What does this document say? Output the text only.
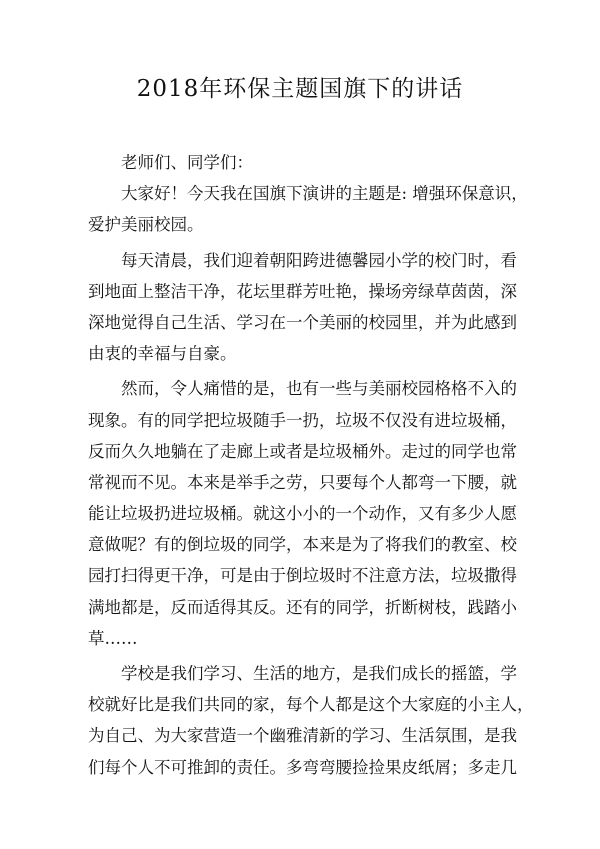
2018年环保主题国旗下的讲话
老师们、同学们：
大家好！今天我在国旗下演讲的主题是: 增强环保意识，
爱护美丽校园。
每天清晨，我们迎着朝阳跨进德馨园小学的校门时，看
到地面上整洁干净，花坛里群芳吐艳，操场旁绿草茵茵，深
深地觉得自己生活、学习在一个美丽的校园里，并为此感到
由衷的幸福与自豪。
然而，令人痛惜的是，也有一些与美丽校园格格不入的
现象。有的同学把垃圾随手一扔，垃圾不仅没有进垃圾桶，
反而久久地躺在了走廊上或者是垃圾桶外。走过的同学也常
常视而不见。本来是举手之劳，只要每个人都弯一下腰，就
能让垃圾扔进垃圾桶。就这小小的一个动作，又有多少人愿
意做呢？有的倒垃圾的同学，本来是为了将我们的教室、校
园打扫得更干净，可是由于倒垃圾时不注意方法，垃圾撒得
满地都是，反而适得其反。还有的同学，折断树枝，践踏小
草……
学校是我们学习、生活的地方，是我们成长的摇篮，学
校就好比是我们共同的家，每个人都是这个大家庭的小主人，
为自己、为大家营造一个幽雅清新的学习、生活氛围，是我
们每个人不可推卸的责任。多弯弯腰捡捡果皮纸屑；多走几
